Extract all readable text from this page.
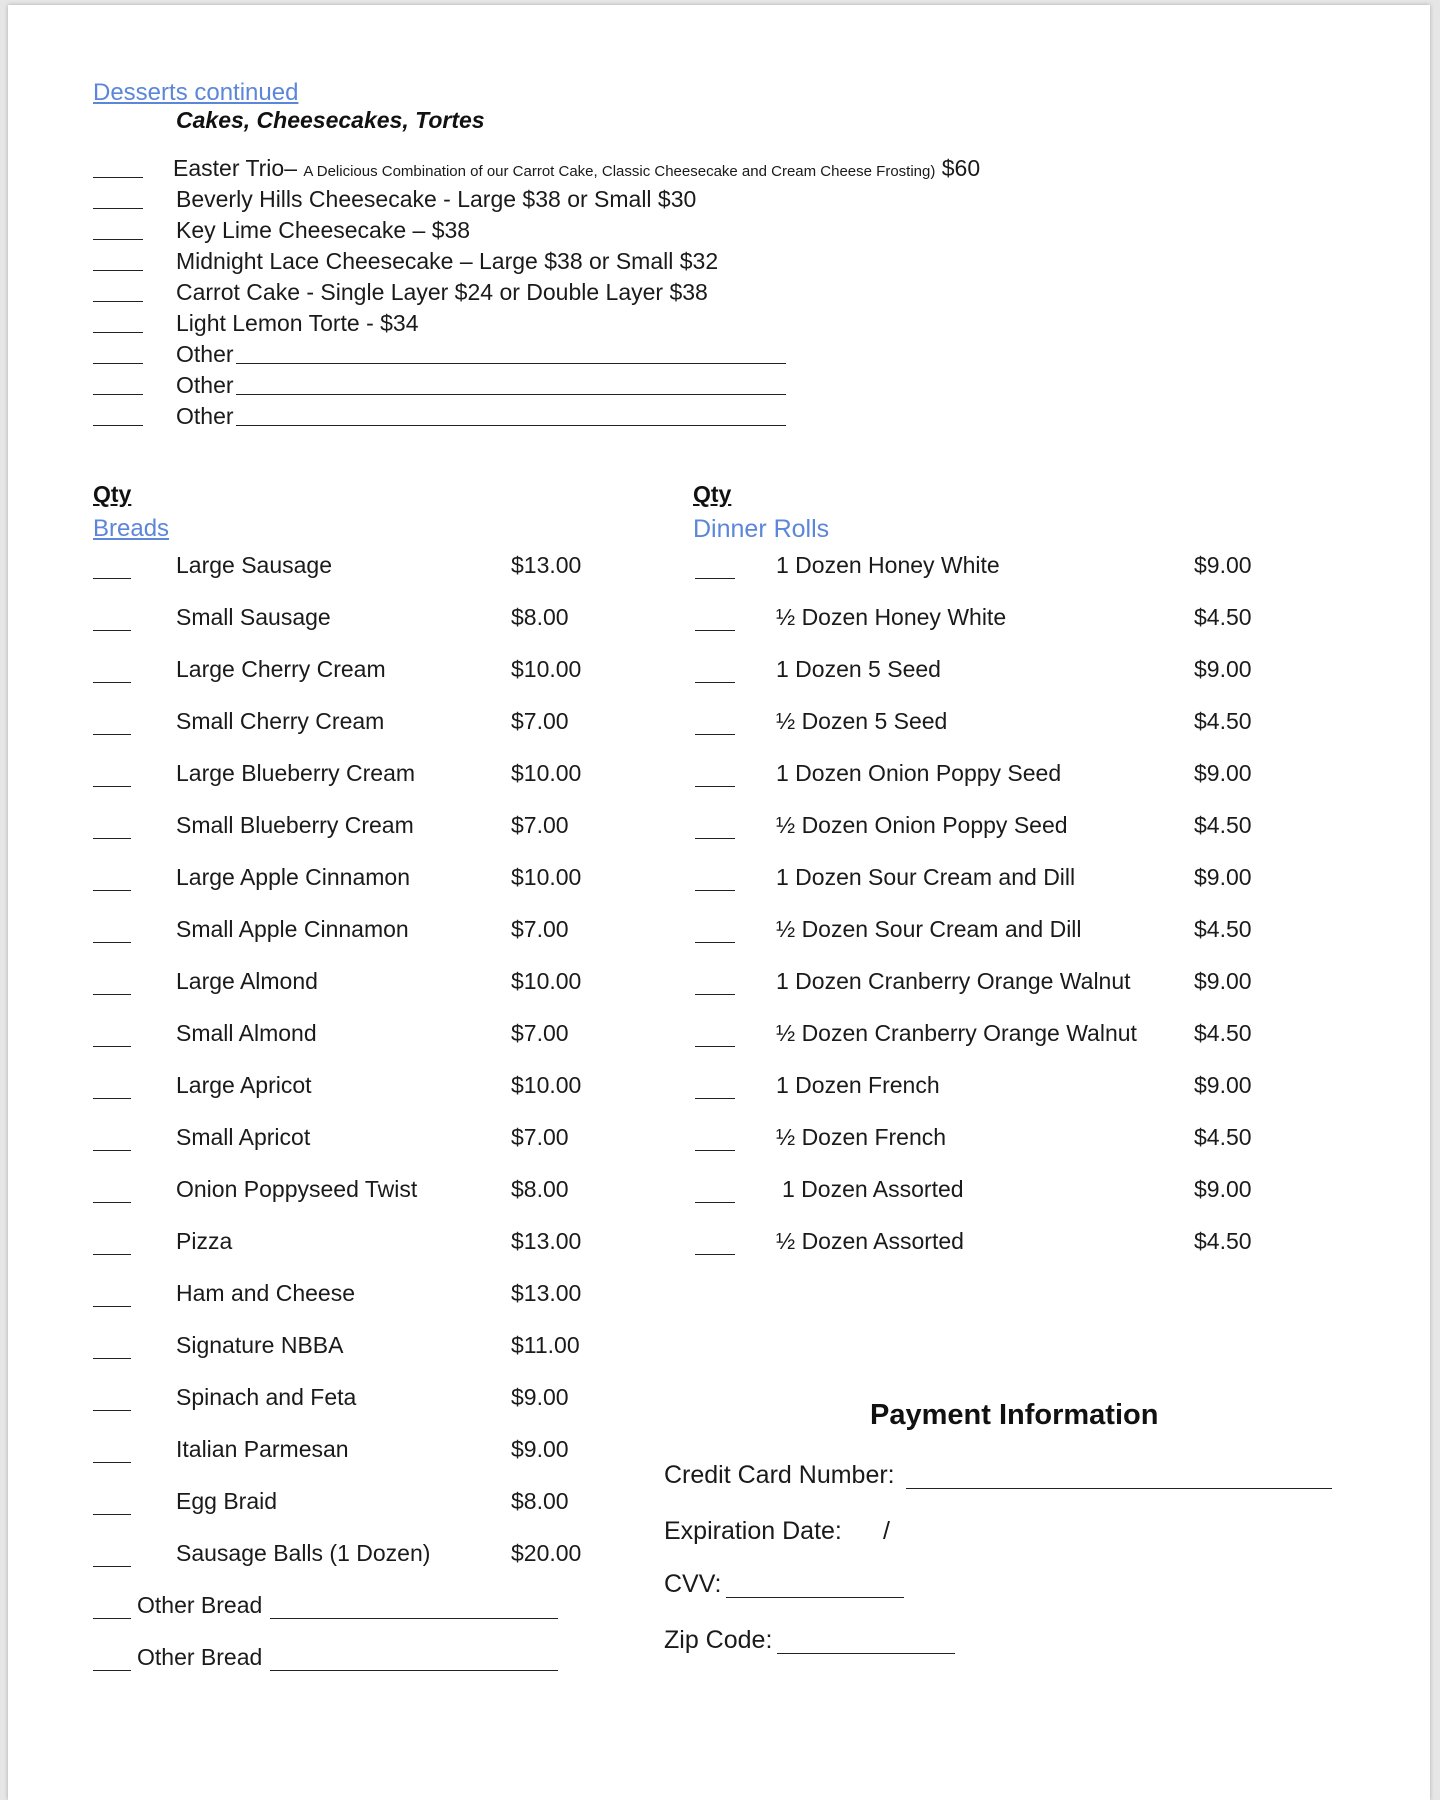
Desserts continued
Cakes, Cheesecakes, Tortes
Easter Trio– A Delicious Combination of our Carrot Cake, Classic Cheesecake and Cream Cheese Frosting) $60
Beverly Hills Cheesecake - Large $38 or Small $30
Key Lime Cheesecake – $38
Midnight Lace Cheesecake – Large $38 or Small $32
Carrot Cake - Single Layer $24 or Double Layer $38
Light Lemon Torte - $34
Other
Other
Other
Qty
Breads
Large Sausage	$13.00
Small Sausage	$8.00
Large Cherry Cream	$10.00
Small Cherry Cream	$7.00
Large Blueberry Cream	$10.00
Small Blueberry Cream	$7.00
Large Apple Cinnamon	$10.00
Small Apple Cinnamon	$7.00
Large Almond	$10.00
Small Almond	$7.00
Large Apricot	$10.00
Small Apricot	$7.00
Onion Poppyseed Twist	$8.00
Pizza	$13.00
Ham and Cheese	$13.00
Signature NBBA	$11.00
Spinach and Feta	$9.00
Italian Parmesan	$9.00
Egg Braid	$8.00
Sausage Balls (1 Dozen)	$20.00
Other Bread
Other Bread
Qty
Dinner Rolls
1 Dozen Honey White	$9.00
½ Dozen Honey White	$4.50
1 Dozen 5 Seed	$9.00
½ Dozen 5 Seed	$4.50
1 Dozen Onion Poppy Seed	$9.00
½ Dozen Onion Poppy Seed	$4.50
1 Dozen Sour Cream and Dill	$9.00
½ Dozen Sour Cream and Dill	$4.50
1 Dozen Cranberry Orange Walnut	$9.00
½ Dozen Cranberry Orange Walnut $4.50
1 Dozen French	$9.00
½ Dozen French	$4.50
1 Dozen Assorted	$9.00
½ Dozen Assorted	$4.50
Payment Information
Credit Card Number:
Expiration Date: /
CVV:
Zip Code:
